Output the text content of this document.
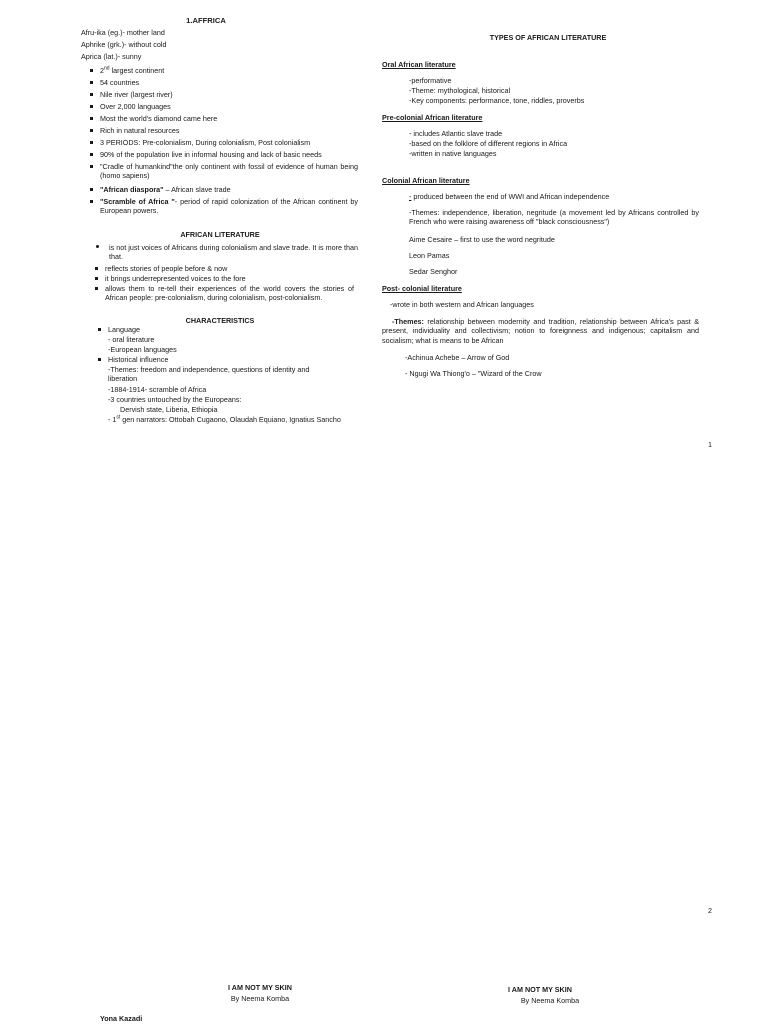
1.AFFRICA
Afru-ika (eg.)- mother land
Aphrike (grk.)- without cold
Aprica (lat.)- sunny
2nd largest continent
54 countries
Nile river (largest river)
Over 2,000 languages
Most the world's diamond came here
Rich in natural resources
3 PERIODS: Pre-colonialism, During colonialism, Post colonialism
90% of the population live in informal housing and lack of basic needs
"Cradle of humankind"the only continent with fossil of evidence of human being (homo sapiens)
"African diaspora" – African slave trade
"Scramble of Africa "- period of rapid colonization of the African continent by European powers.
AFRICAN LITERATURE
is not just voices of Africans during colonialism and slave trade. It is more than that.
reflects stories of people before & now
it brings underrepresented voices to the fore
allows them to re-tell their experiences of the world covers the stories of African people: pre-colonialism, during colonialism, post-colonialism.
CHARACTERISTICS
Language
- oral literature
-European languages
Historical influence
-Themes: freedom and independence, questions of identity and liberation
-1884-1914- scramble of Africa
-3 countries untouched by the Europeans:
Dervish state, Liberia, Ethiopia
- 1st gen narrators: Ottobah Cugaono, Olaudah Equiano, Ignatius Sancho
TYPES OF AFRICAN LITERATURE
Oral African literature
-performative
-Theme: mythological, historical
-Key components: performance, tone, riddles, proverbs
Pre-colonial African literature
- includes Atlantic slave trade
-based on the folklore of different regions in Africa
-written in native languages
Colonial African literature
- produced between the end of WWI and African independence
-Themes: independence, liberation, negritude (a movement led by Africans controlled by French who were raising awareness off "black consciousness")
Aime Cesaire – first to use the word negritude
Leon Pamas
Sedar Senghor
Post- colonial literature
-wrote in both western and African languages
-Themes: relationship between modernity and tradition, relationship between Africa's past & present, individuality and collectivism; notion to foreignness and indigenous; capitalism and socialism; what is means to be African
-Achinua Achebe – Arrow of God
- Ngugi Wa Thiong'o – "Wizard of the Crow
1
2
I AM NOT MY SKIN
By Neema Komba
I AM NOT MY SKIN
By Neema Komba
Yona Kazadi
